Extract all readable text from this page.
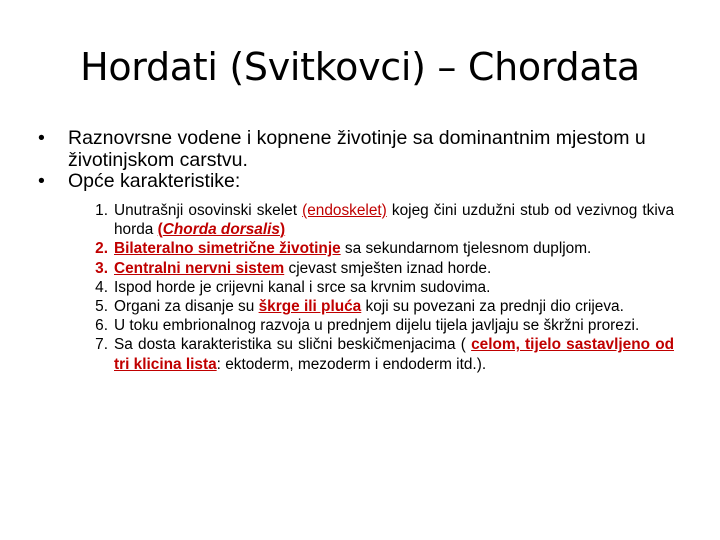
Hordati (Svitkovci) – Chordata
•	Raznovrsne vodene i kopnene životinje sa dominantnim mjestom u životinjskom carstvu.
•	Opće karakteristike:
1. Unutrašnji osovinski skelet (endoskelet) kojeg čini uzdužni stub od vezivnog tkiva horda (Chorda dorsalis)
2. Bilateralno simetrične životinje sa sekundarnom tjelesnom dupljom.
3. Centralni nervni sistem cjevast smješten iznad horde.
4. Ispod horde je crijevni kanal i srce sa krvnim sudovima.
5. Organi za disanje su škrge ili pluća koji su povezani za prednji dio crijeva.
6. U toku embrionalnog razvoja u prednjem dijelu tijela javljaju se škržni prorezi.
7. Sa dosta karakteristika su slični beskičmenjacima ( celom, tijelo sastavljeno od tri klicina lista: ektoderm, mezoderm i endoderm itd.).
